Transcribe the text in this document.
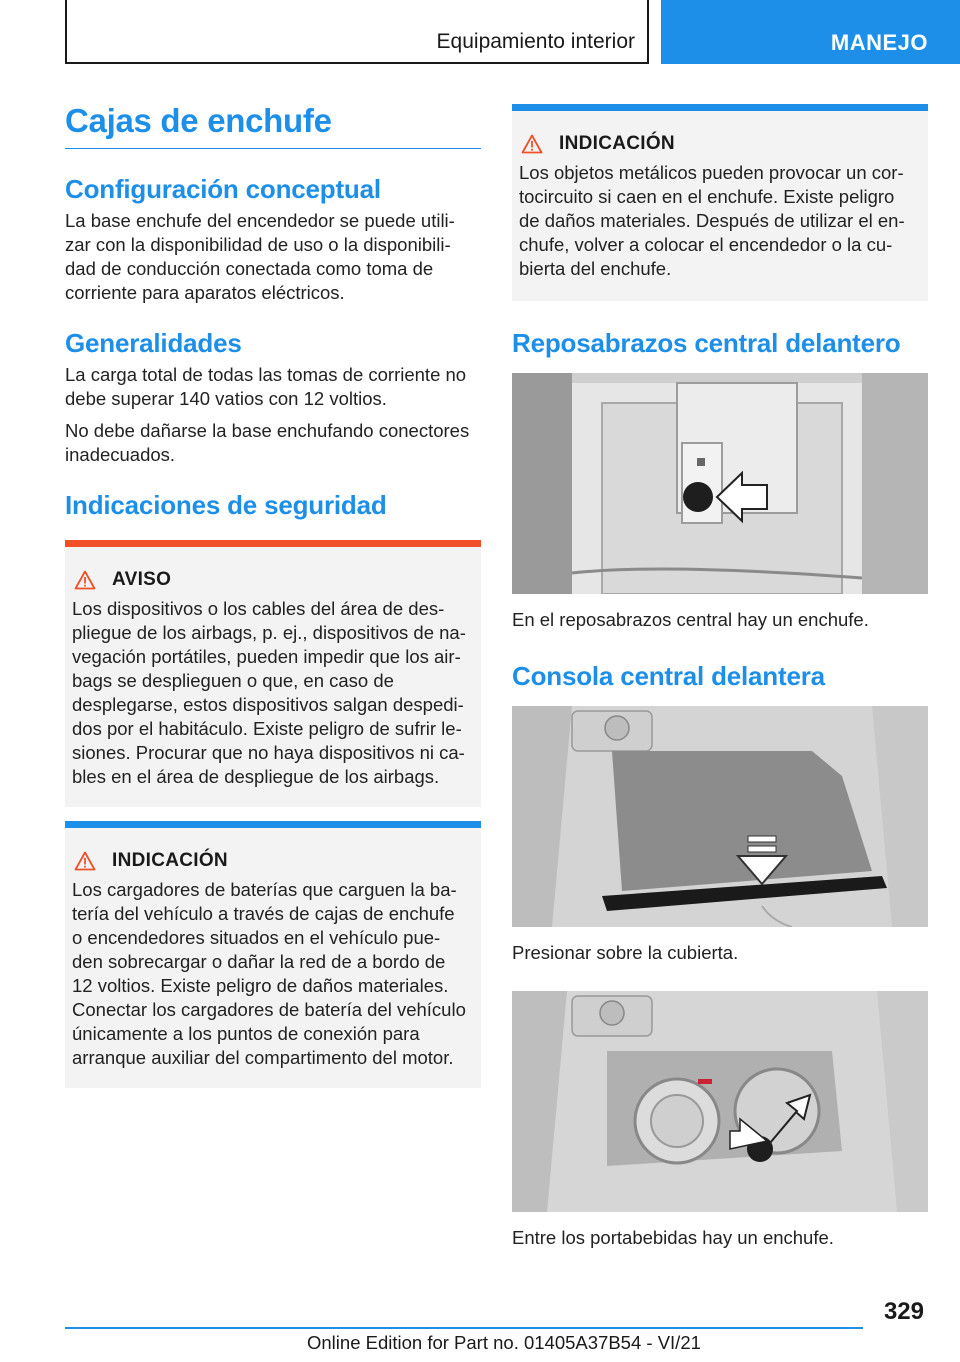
Equipamiento interior	MANEJO
Cajas de enchufe
Configuración conceptual

La base enchufe del encendedor se puede utili-
zar con la disponibilidad de uso o la disponibili-
dad de conducción conectada como toma de
corriente para aparatos eléctricos.

Generalidades

La carga total de todas las tomas de corriente no
debe superar 140 vatios con 12 voltios.

No debe dañarse la base enchufando conectores
inadecuados.

Indicaciones de seguridad
AVISO

Los dispositivos o los cables del área de des-
pliegue de los airbags, p. ej., dispositivos de na-
vegación portátiles, pueden impedir que los air-
bags se desplieguen o que, en caso de
desplegarse, estos dispositivos salgan despedi-
dos por el habitáculo. Existe peligro de sufrir le-
siones. Procurar que no haya dispositivos ni ca-
bles en el área de despliegue de los airbags.

INDICACIÓN

Los cargadores de baterías que carguen la ba-
tería del vehículo a través de cajas de enchufe
o encendedores situados en el vehículo pue-
den sobrecargar o dañar la red de a bordo de
12 voltios. Existe peligro de daños materiales.
Conectar los cargadores de batería del vehículo
únicamente a los puntos de conexión para
arranque auxiliar del compartimento del motor.

INDICACIÓN

Los objetos metálicos pueden provocar un cor-
tocircuito si caen en el enchufe. Existe peligro
de daños materiales. Después de utilizar el en-
chufe, volver a colocar el encendedor o la cu-
bierta del enchufe.

Reposabrazos central delantero

En el reposabrazos central hay un enchufe.

Consola central delantera

Presionar sobre la cubierta.

Entre los portabebidas hay un enchufe.

329
Online Edition for Part no. 01405A37B54 - VI/21
